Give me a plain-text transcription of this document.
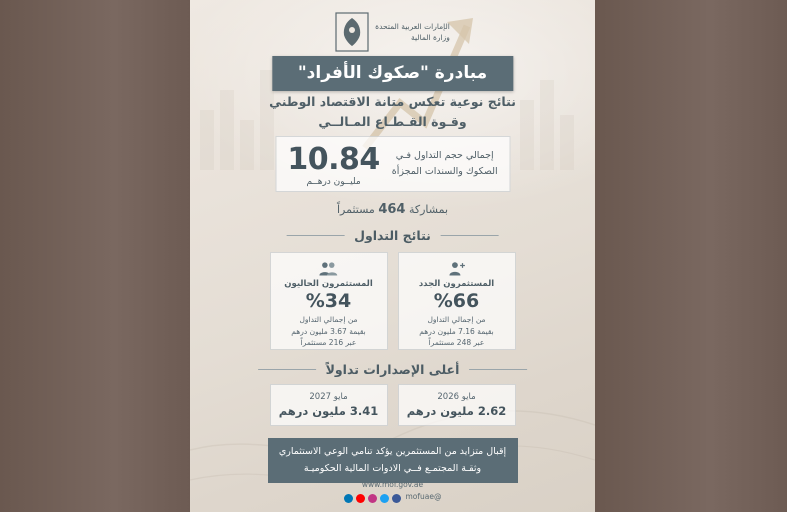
الإمارات العربية المتحدة
وزارة المالية
مبادرة "صكوك الأفراد"
نتائج نوعية تعكس متانة الاقتصاد الوطني
وقـوة القـطـاع المـالــي
إجمالي حجم التداول فـي
الصكوك والسندات المجزأة
10.84
مليــون درهــم
بمشاركة 464 مستثمراً
نتائج التداول
المستثمرون الجدد
%66
من إجمالي التداول
بقيمة 7.16 مليون درهم
عبر 248 مستثمراً
المستثمرون الحاليون
%34
من إجمالي التداول
بقيمة 3.67 مليون درهم
عبر 216 مستثمراً
أعلى الإصدارات تداولاً
مايو 2026
2.62 مليون درهم
مايو 2027
3.41 مليون درهم
إقبال متزايد من المستثمرين يؤكد تنامي الوعي الاستثماري
وثقـة المجتمـع فــي الادوات المالية الحكوميـة
www.mof.gov.ae
@mofuae
